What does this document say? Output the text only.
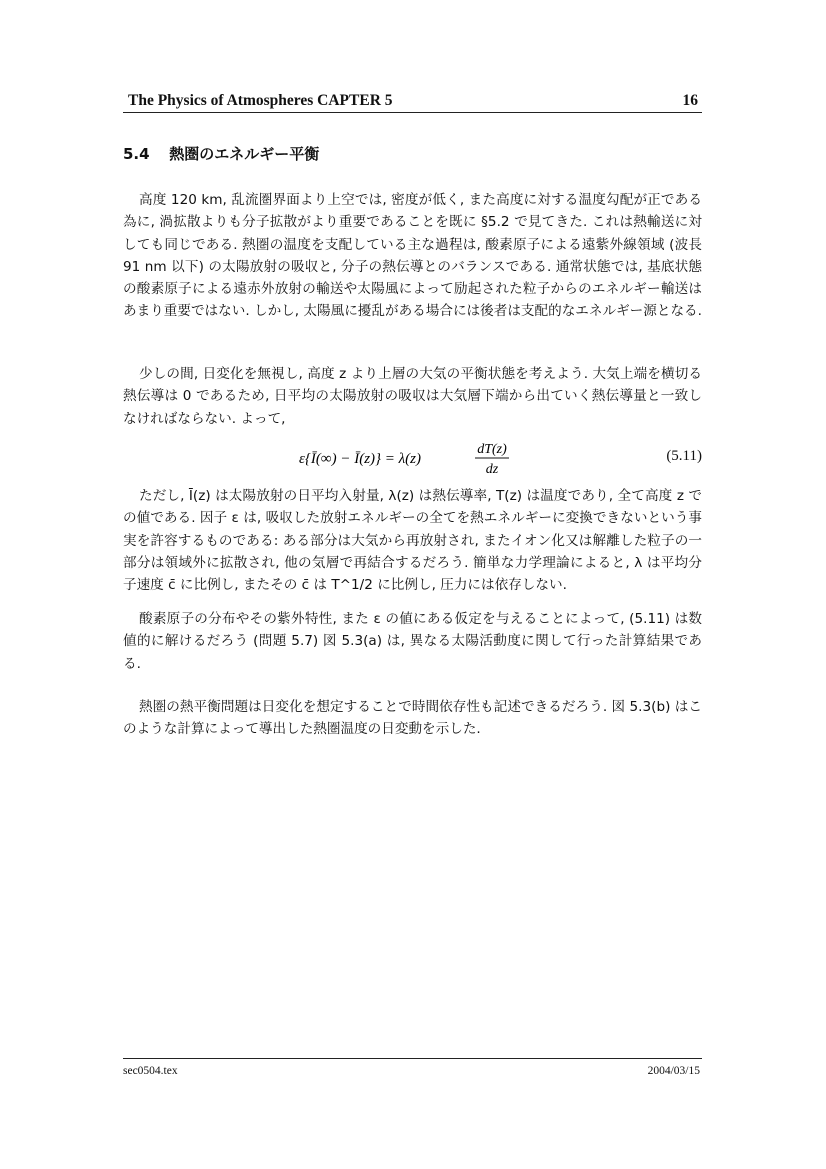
The Physics of Atmospheres CAPTER 5	16
5.4 熱圏のエネルギー平衡

高度 120 km, 乱流圏界面より上空では, 密度が低く, また高度に対する温度勾配が正である為に, 渦拡散よりも分子拡散がより重要であることを既に §5.2 で見てきた. これは熱輸送に対しても同じである. 熱圏の温度を支配している主な過程は, 酸素原子による遠紫外線領域 (波長 91 nm 以下) の太陽放射の吸収と, 分子の熱伝導とのバランスである. 通常状態では, 基底状態の酸素原子による遠赤外放射の輸送や太陽風によって励起された粒子からのエネルギー輸送はあまり重要ではない. しかし, 太陽風に擾乱がある場合には後者は支配的なエネルギー源となる.

少しの間, 日変化を無視し, 高度 z より上層の大気の平衡状態を考えよう. 大気上端を横切る熱伝導は 0 であるため, 日平均の太陽放射の吸収は大気層下端から出ていく熱伝導量と一致しなければならない. よって,

ε{Ī(∞) − Ī(z)} = λ(z)
dT(z)
dz
(5.11)

ただし, Ī(z) は太陽放射の日平均入射量, λ(z) は熱伝導率, T(z) は温度であり, 全て高度 z での値である. 因子 ε は, 吸収した放射エネルギーの全てを熱エネルギーに変換できないという事実を許容するものである: ある部分は大気から再放射され, またイオン化又は解離した粒子の一部分は領域外に拡散され, 他の気層で再結合するだろう. 簡単な力学理論によると, λ は平均分子速度 c̄ に比例し, またその c̄ は T^1/2 に比例し, 圧力には依存しない.

酸素原子の分布やその紫外特性, また ε の値にある仮定を与えることによって, (5.11) は数値的に解けるだろう (問題 5.7) 図 5.3(a) は, 異なる太陽活動度に関して行った計算結果である.

熱圏の熱平衡問題は日変化を想定することで時間依存性も記述できるだろう. 図 5.3(b) はこのような計算によって導出した熱圏温度の日変動を示した.

sec0504.tex	2004/03/15
